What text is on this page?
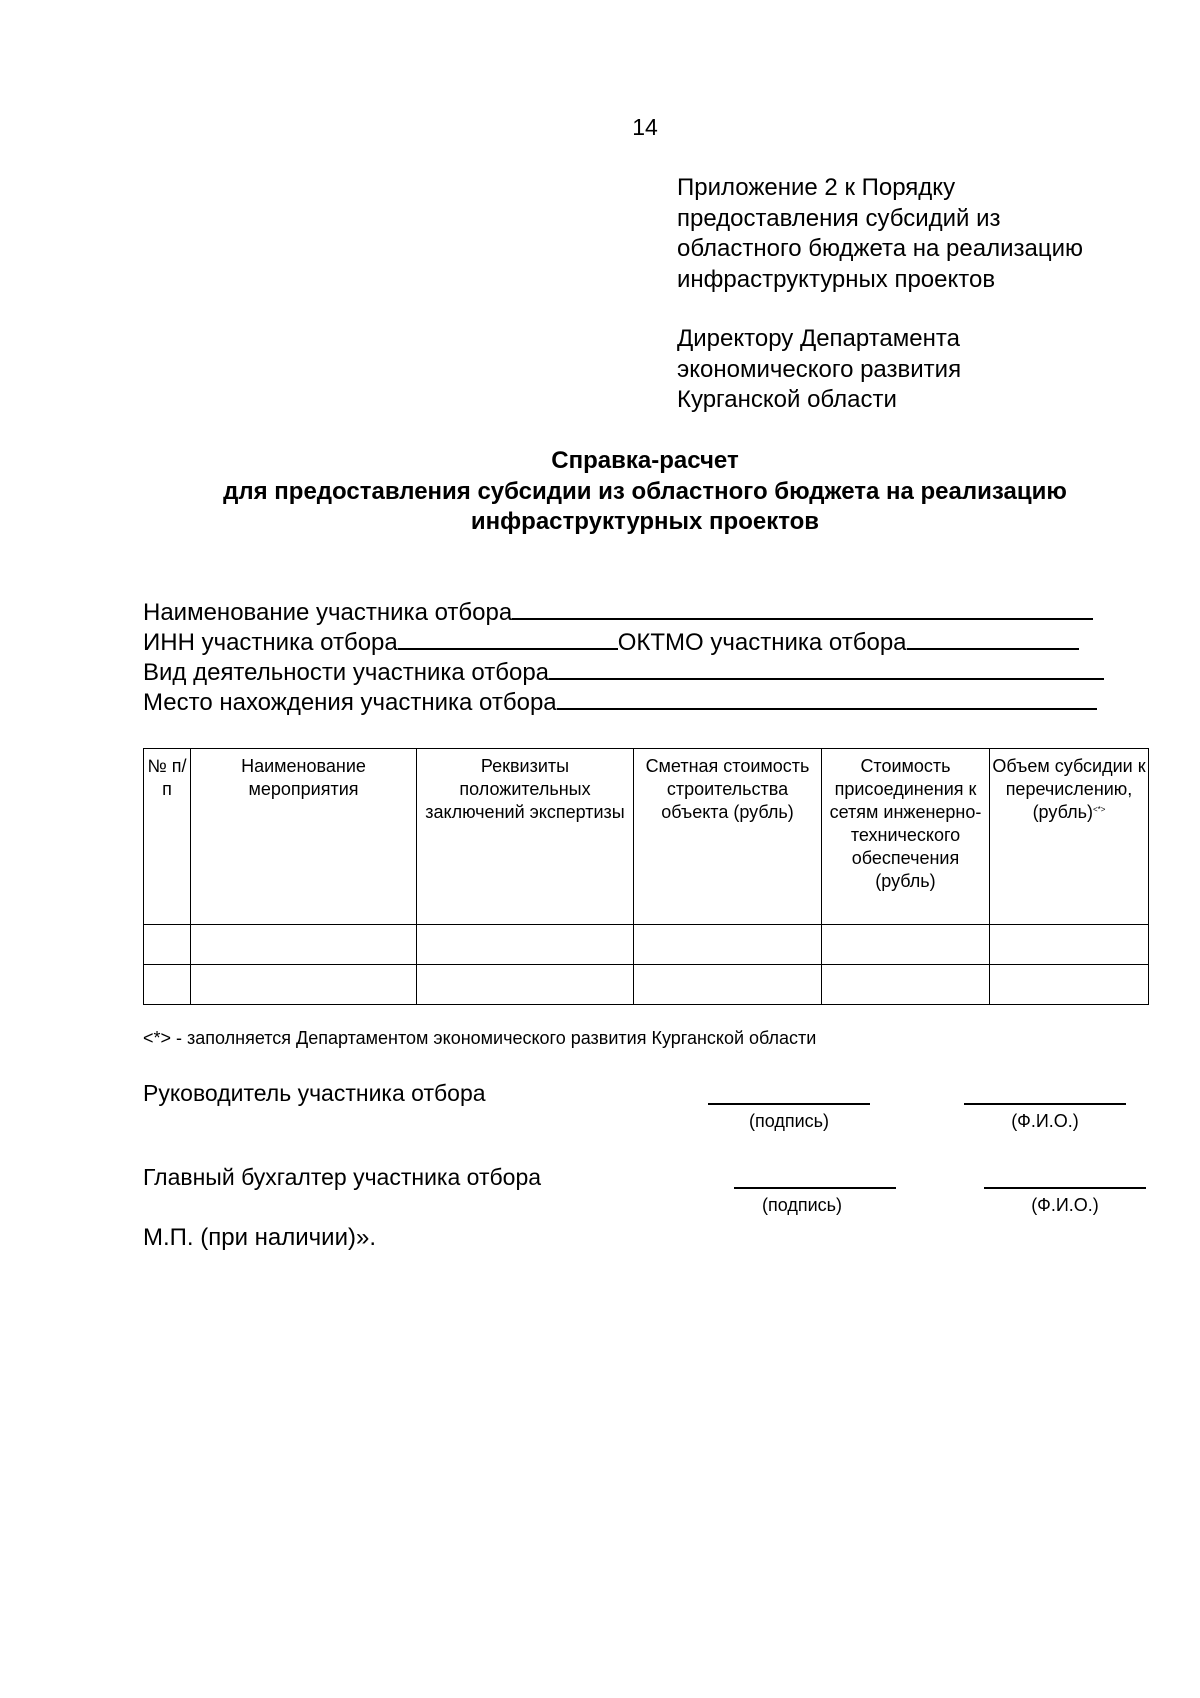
14
Приложение 2 к Порядку
предоставления субсидий из
областного бюджета на реализацию
инфраструктурных проектов
Директору Департамента
экономического развития
Курганской области
Справка-расчет
для предоставления субсидии из областного бюджета на реализацию
инфраструктурных проектов
Наименование участника отбора
ИНН участника отбора	ОКТМО участника отбора
Вид деятельности участника отбора
Место нахождения участника отбора
№ п/п	Наименование мероприятия	Реквизиты положительных заключений экспертизы	Сметная стоимость строительства объекта (рубль)	Стоимость присоединения к сетям инженерно-технического обеспечения (рубль)	Объем субсидии к перечислению, (рубль)<*>

<*> - заполняется Департаментом экономического развития Курганской области
Руководитель участника отбора
(подпись)	(Ф.И.О.)
Главный бухгалтер участника отбора
(подпись)	(Ф.И.О.)
М.П. (при наличии)».
